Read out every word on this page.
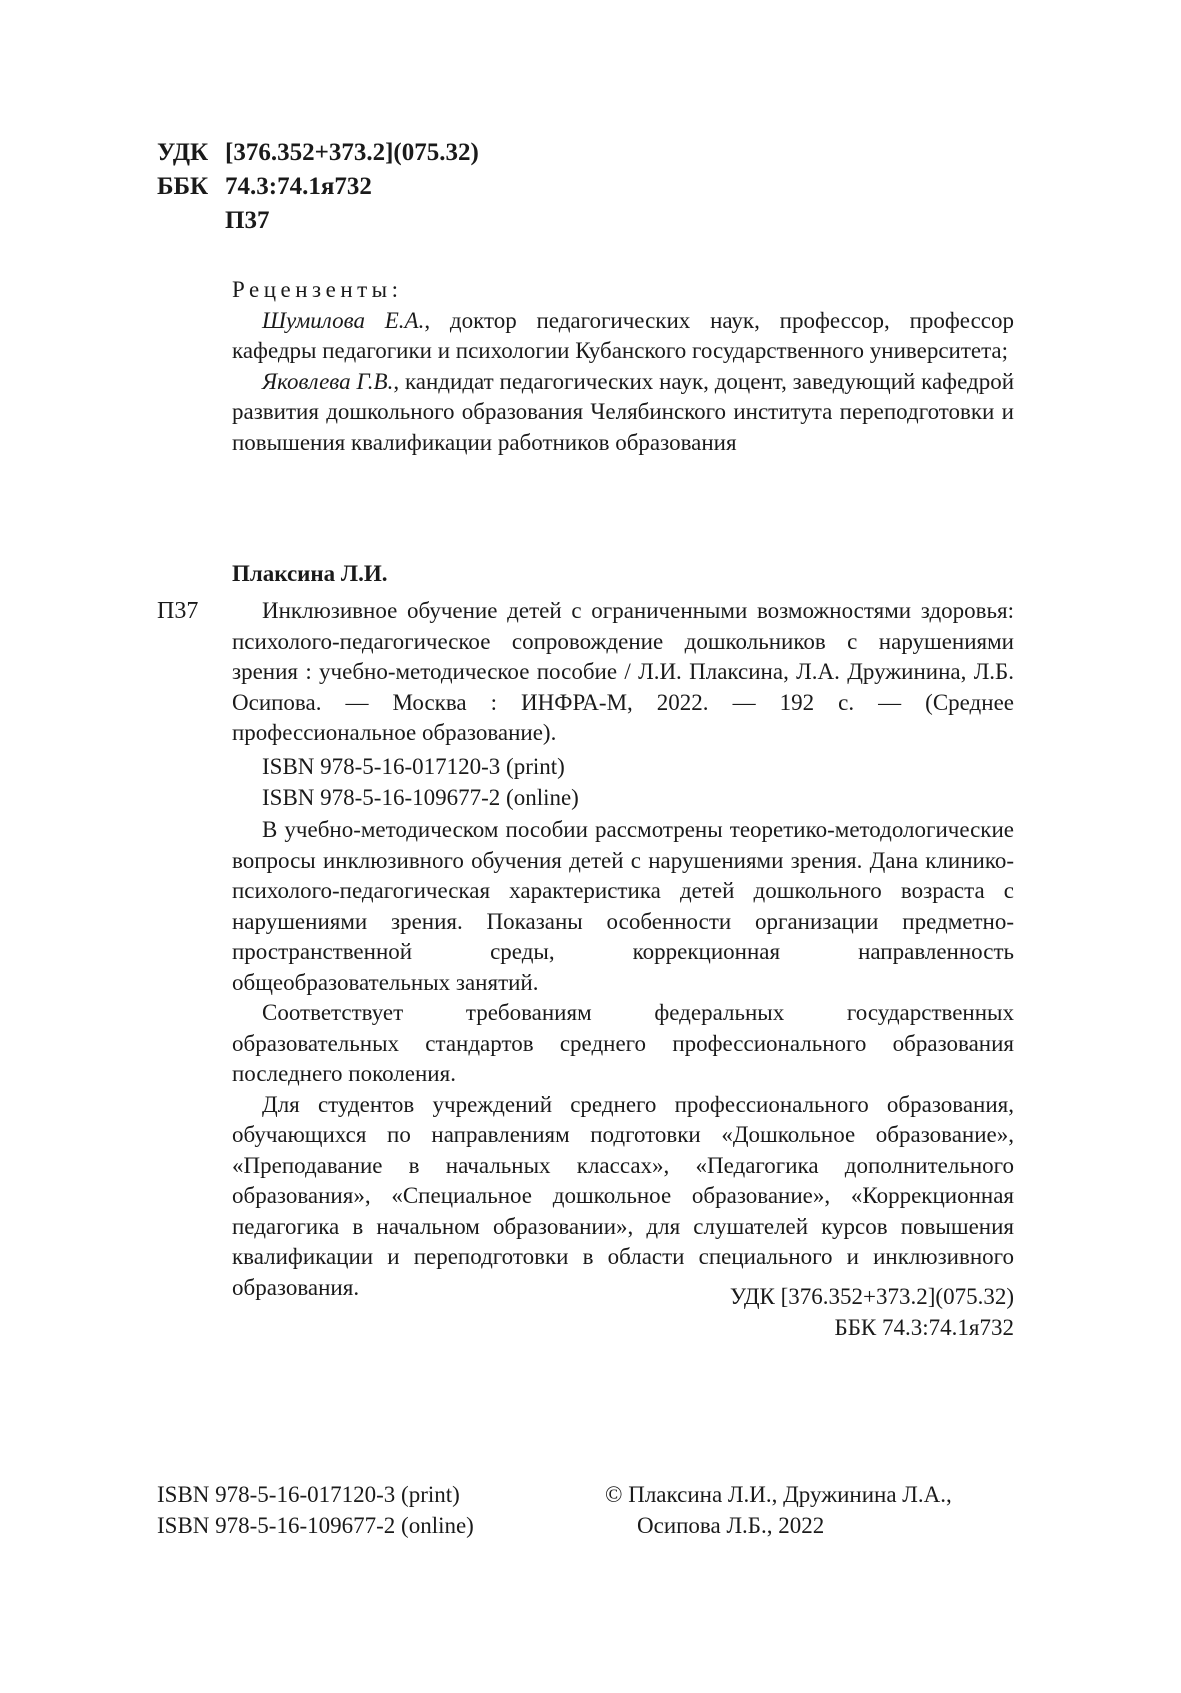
УДК [376.352+373.2](075.32)
ББК 74.3:74.1я732
П37
Рецензенты:

Шумилова Е.А., доктор педагогических наук, профессор, профессор кафедры педагогики и психологии Кубанского государственного университета;

Яковлева Г.В., кандидат педагогических наук, доцент, заведующий кафедрой развития дошкольного образования Челябинского института переподготовки и повышения квалификации работников образования

Плаксина Л.И.
П37	Инклюзивное обучение детей с ограниченными возможностями здоровья: психолого-педагогическое сопровождение дошкольников с нарушениями зрения : учебно-методическое пособие / Л.И. Плаксина, Л.А. Дружинина, Л.Б. Осипова. — Москва : ИНФРА-М, 2022. — 192 с. — (Среднее профессиональное образование).

ISBN 978-5-16-017120-3 (print)
ISBN 978-5-16-109677-2 (online)

В учебно-методическом пособии рассмотрены теоретико-методологические вопросы инклюзивного обучения детей с нарушениями зрения. Дана клинико-психолого-педагогическая характеристика детей дошкольного возраста с нарушениями зрения. Показаны особенности организации предметно-пространственной среды, коррекционная направленность общеобразовательных занятий.

Соответствует требованиям федеральных государственных образовательных стандартов среднего профессионального образования последнего поколения.

Для студентов учреждений среднего профессионального образования, обучающихся по направлениям подготовки «Дошкольное образование», «Преподавание в начальных классах», «Педагогика дополнительного образования», «Специальное дошкольное образование», «Коррекционная педагогика в начальном образовании», для слушателей курсов повышения квалификации и переподготовки в области специального и инклюзивного образования.	УДК [376.352+373.2](075.32)
ББК 74.3:74.1я732
ISBN 978-5-16-017120-3 (print)
ISBN 978-5-16-109677-2 (online)
© Плаксина Л.И., Дружинина Л.А.,
Осипова Л.Б., 2022
